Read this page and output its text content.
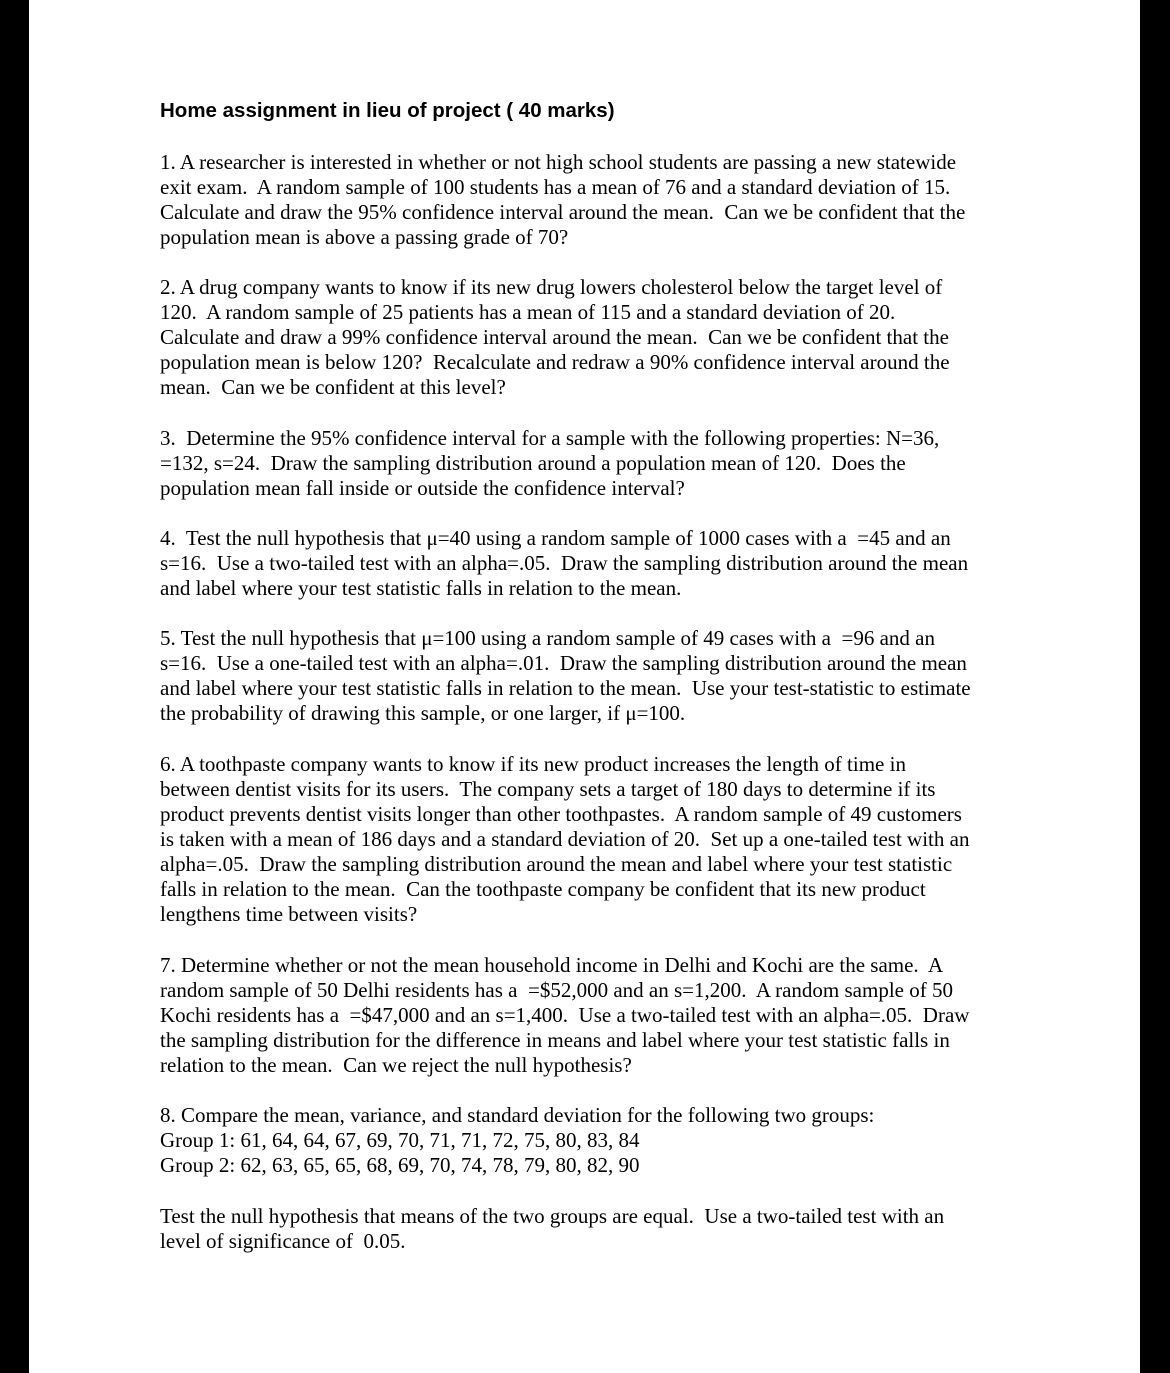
Home assignment in lieu of project ( 40 marks)
1. A researcher is interested in whether or not high school students are passing a new statewide
exit exam.  A random sample of 100 students has a mean of 76 and a standard deviation of 15.
Calculate and draw the 95% confidence interval around the mean.  Can we be confident that the
population mean is above a passing grade of 70?
2. A drug company wants to know if its new drug lowers cholesterol below the target level of
120.  A random sample of 25 patients has a mean of 115 and a standard deviation of 20.
Calculate and draw a 99% confidence interval around the mean.  Can we be confident that the
population mean is below 120?  Recalculate and redraw a 90% confidence interval around the
mean.  Can we be confident at this level?
3.  Determine the 95% confidence interval for a sample with the following properties: N=36,
=132, s=24.  Draw the sampling distribution around a population mean of 120.  Does the
population mean fall inside or outside the confidence interval?
4.  Test the null hypothesis that μ=40 using a random sample of 1000 cases with a  =45 and an
s=16.  Use a two-tailed test with an alpha=.05.  Draw the sampling distribution around the mean
and label where your test statistic falls in relation to the mean.
5. Test the null hypothesis that μ=100 using a random sample of 49 cases with a  =96 and an
s=16.  Use a one-tailed test with an alpha=.01.  Draw the sampling distribution around the mean
and label where your test statistic falls in relation to the mean.  Use your test-statistic to estimate
the probability of drawing this sample, or one larger, if μ=100.
6. A toothpaste company wants to know if its new product increases the length of time in
between dentist visits for its users.  The company sets a target of 180 days to determine if its
product prevents dentist visits longer than other toothpastes.  A random sample of 49 customers
is taken with a mean of 186 days and a standard deviation of 20.  Set up a one-tailed test with an
alpha=.05.  Draw the sampling distribution around the mean and label where your test statistic
falls in relation to the mean.  Can the toothpaste company be confident that its new product
lengthens time between visits?
7. Determine whether or not the mean household income in Delhi and Kochi are the same.  A
random sample of 50 Delhi residents has a  =$52,000 and an s=1,200.  A random sample of 50
Kochi residents has a  =$47,000 and an s=1,400.  Use a two-tailed test with an alpha=.05.  Draw
the sampling distribution for the difference in means and label where your test statistic falls in
relation to the mean.  Can we reject the null hypothesis?
8. Compare the mean, variance, and standard deviation for the following two groups:
Group 1: 61, 64, 64, 67, 69, 70, 71, 71, 72, 75, 80, 83, 84
Group 2: 62, 63, 65, 65, 68, 69, 70, 74, 78, 79, 80, 82, 90
Test the null hypothesis that means of the two groups are equal.  Use a two-tailed test with an
level of significance of  0.05.
